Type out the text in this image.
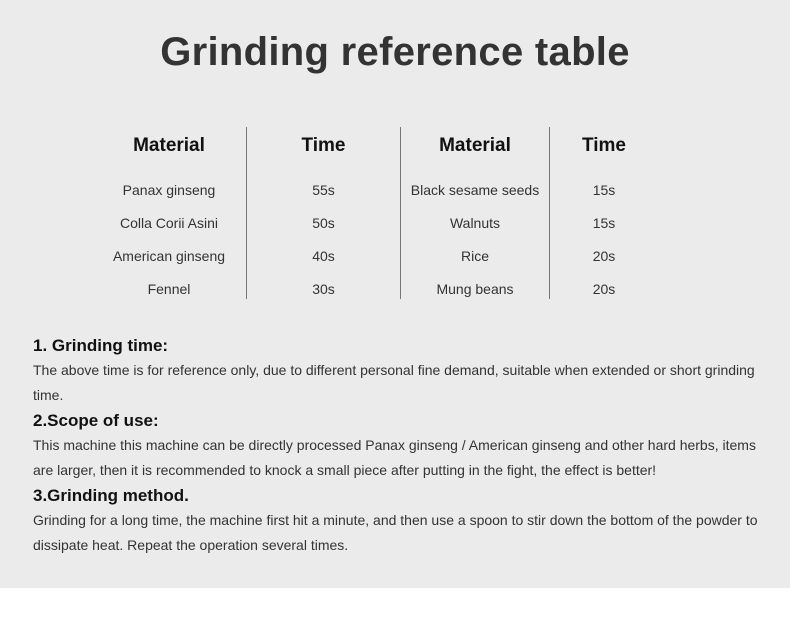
Grinding reference table
Material
Panax ginseng
Colla Corii Asini
American ginseng
Fennel
Time
55s
50s
40s
30s
Material
Black sesame seeds
Walnuts
Rice
Mung beans
Time
15s
15s
20s
20s

1. Grinding time:

The above time is for reference only, due to different personal fine demand, suitable when extended or short grinding time.

2.Scope of use:

This machine this machine can be directly processed Panax ginseng / American ginseng and other hard herbs, items are larger, then it is recommended to knock a small piece after putting in the fight, the effect is better!

3.Grinding method.

Grinding for a long time, the machine first hit a minute, and then use a spoon to stir down the bottom of the powder to dissipate heat. Repeat the operation several times.
